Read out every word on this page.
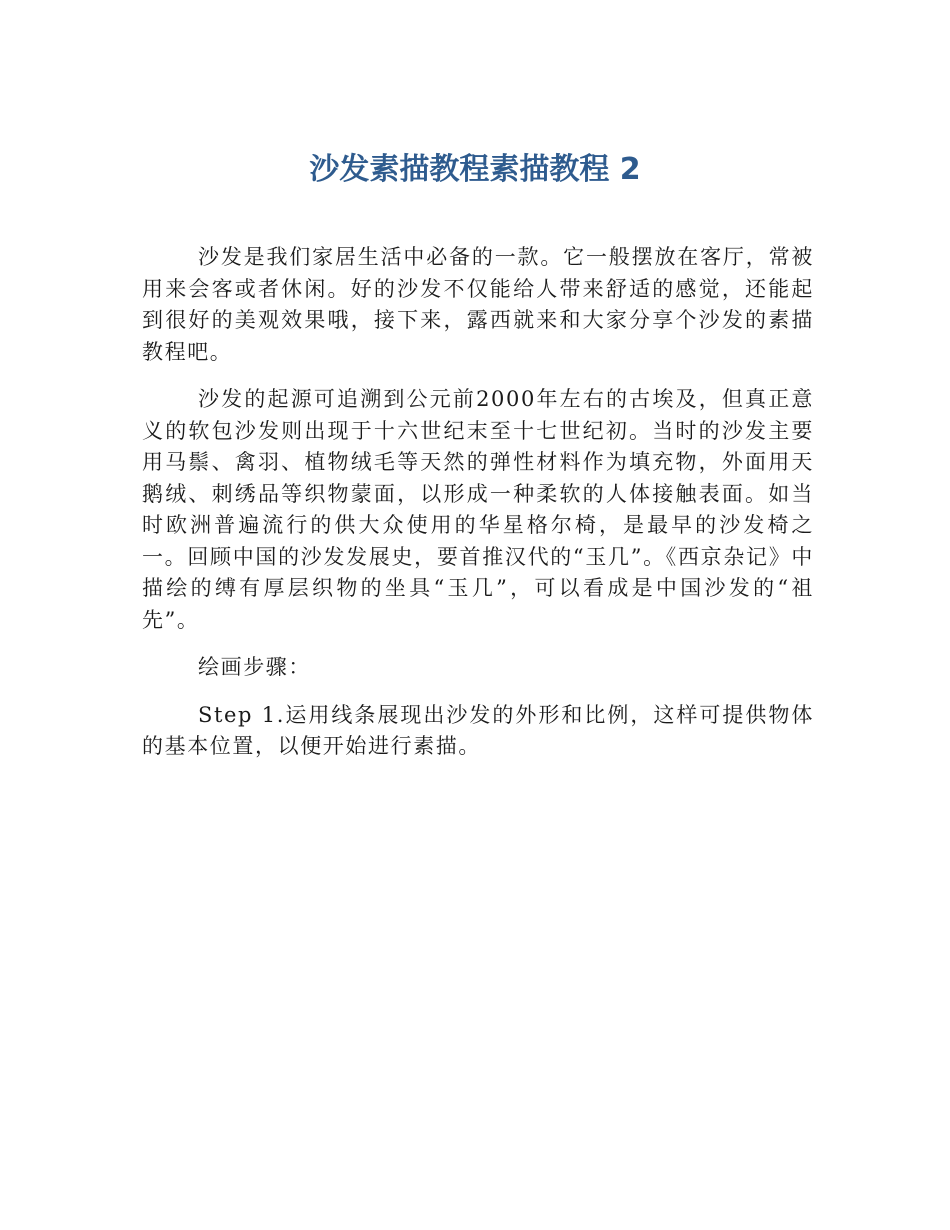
沙发素描教程素描教程 2

沙发是我们家居生活中必备的一款。它一般摆放在客厅，常被用来会客或者休闲。好的沙发不仅能给人带来舒适的感觉，还能起到很好的美观效果哦，接下来，露西就来和大家分享个沙发的素描教程吧。

沙发的起源可追溯到公元前2000年左右的古埃及，但真正意义的软包沙发则出现于十六世纪末至十七世纪初。当时的沙发主要用马鬃、禽羽、植物绒毛等天然的弹性材料作为填充物，外面用天鹅绒、刺绣品等织物蒙面，以形成一种柔软的人体接触表面。如当时欧洲普遍流行的供大众使用的华星格尔椅，是最早的沙发椅之一。回顾中国的沙发发展史，要首推汉代的“玉几”。《西京杂记》中描绘的缚有厚层织物的坐具“玉几”，可以看成是中国沙发的“祖先”。

绘画步骤：

Step 1.运用线条展现出沙发的外形和比例，这样可提供物体的基本位置，以便开始进行素描。
